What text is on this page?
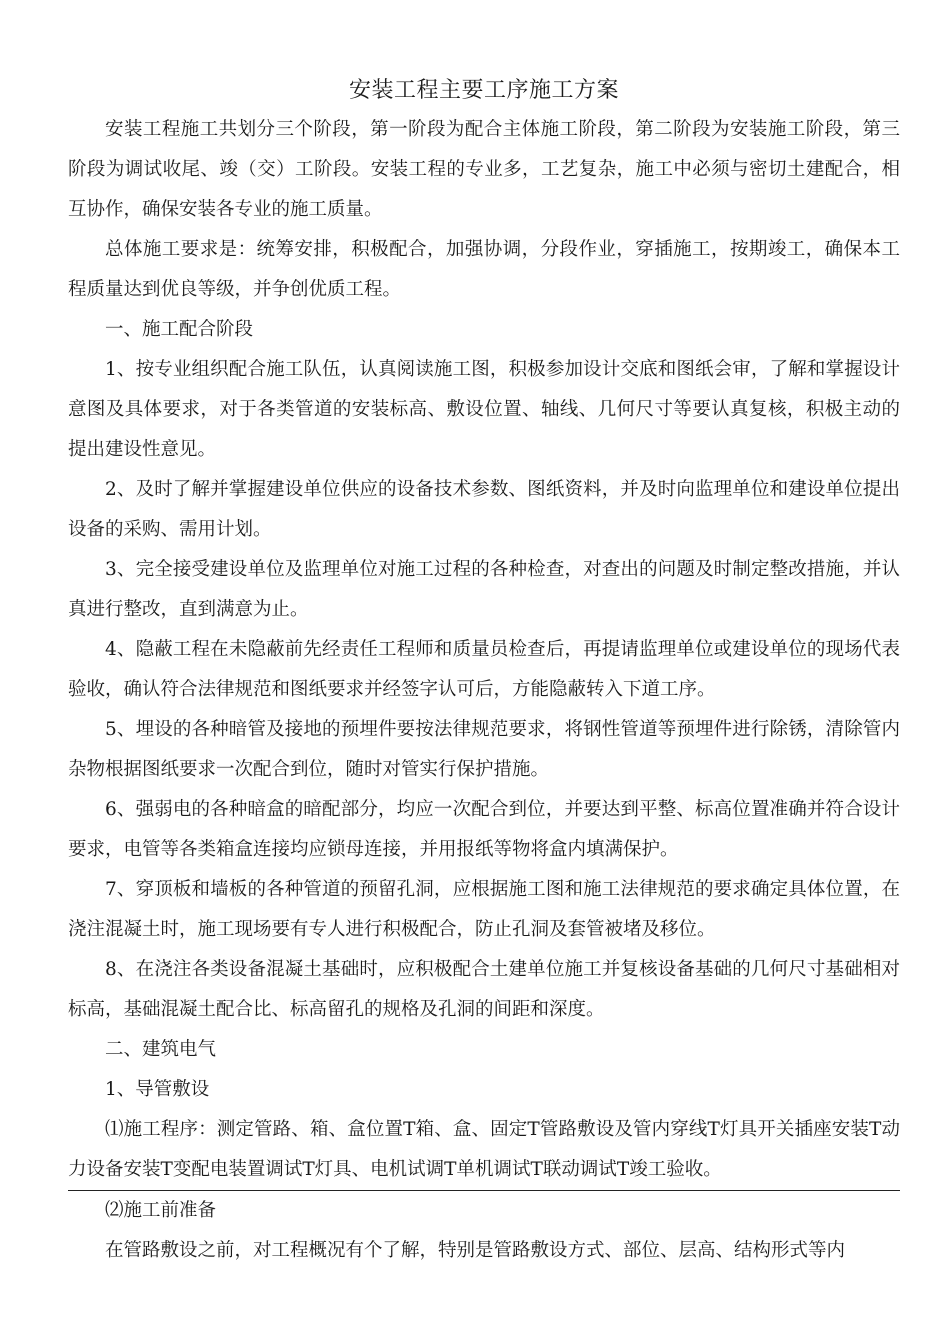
安装工程主要工序施工方案

安装工程施工共划分三个阶段，第一阶段为配合主体施工阶段，第二阶段为安装施工阶段，第三阶段为调试收尾、竣（交）工阶段。安装工程的专业多，工艺复杂，施工中必须与密切土建配合，相互协作，确保安装各专业的施工质量。

总体施工要求是：统筹安排，积极配合，加强协调，分段作业，穿插施工，按期竣工，确保本工程质量达到优良等级，并争创优质工程。

一、施工配合阶段

1、按专业组织配合施工队伍，认真阅读施工图，积极参加设计交底和图纸会审，了解和掌握设计意图及具体要求，对于各类管道的安装标高、敷设位置、轴线、几何尺寸等要认真复核，积极主动的提出建设性意见。

2、及时了解并掌握建设单位供应的设备技术参数、图纸资料，并及时向监理单位和建设单位提出设备的采购、需用计划。

3、完全接受建设单位及监理单位对施工过程的各种检查，对查出的问题及时制定整改措施，并认真进行整改，直到满意为止。

4、隐蔽工程在未隐蔽前先经责任工程师和质量员检查后，再提请监理单位或建设单位的现场代表验收，确认符合法律规范和图纸要求并经签字认可后，方能隐蔽转入下道工序。

5、埋设的各种暗管及接地的预埋件要按法律规范要求，将钢性管道等预埋件进行除锈，清除管内杂物根据图纸要求一次配合到位，随时对管实行保护措施。

6、强弱电的各种暗盒的暗配部分，均应一次配合到位，并要达到平整、标高位置准确并符合设计要求，电管等各类箱盒连接均应锁母连接，并用报纸等物将盒内填满保护。

7、穿顶板和墙板的各种管道的预留孔洞，应根据施工图和施工法律规范的要求确定具体位置，在浇注混凝土时，施工现场要有专人进行积极配合，防止孔洞及套管被堵及移位。

8、在浇注各类设备混凝土基础时，应积极配合土建单位施工并复核设备基础的几何尺寸基础相对标高，基础混凝土配合比、标高留孔的规格及孔洞的间距和深度。

二、建筑电气

1、导管敷设

⑴施工程序：测定管路、箱、盒位置T箱、盒、固定T管路敷设及管内穿线T灯具开关插座安装T动力设备安装T变配电装置调试T灯具、电机试调T单机调试T联动调试T竣工验收。

⑵施工前准备

在管路敷设之前，对工程概况有个了解，特别是管路敷设方式、部位、层高、结构形式等内
